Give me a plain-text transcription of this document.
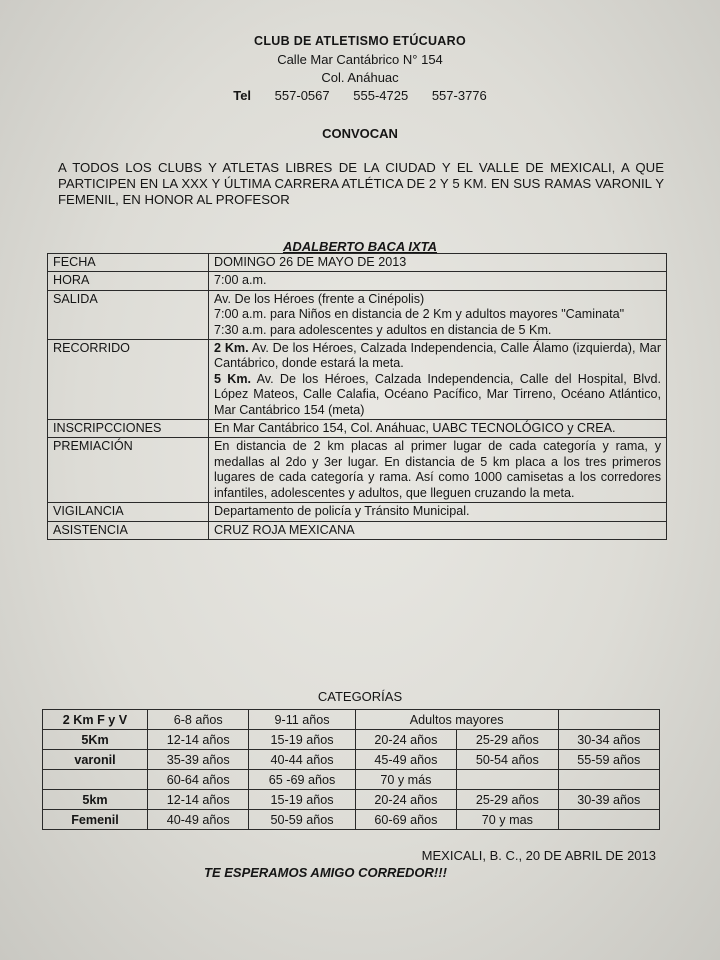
CLUB DE ATLETISMO ETÚCUARO
Calle Mar Cantábrico N° 154
Col. Anáhuac
Tel 557-0567 555-4725 557-3776
CONVOCAN
A TODOS LOS CLUBS Y ATLETAS LIBRES DE LA CIUDAD Y EL VALLE DE MEXICALI, A QUE PARTICIPEN EN LA XXX Y ÚLTIMA CARRERA ATLÉTICA DE 2 Y 5 KM. EN SUS RAMAS VARONIL Y FEMENIL, EN HONOR AL PROFESOR
ADALBERTO BACA IXTA
FECHA	DOMINGO 26 DE MAYO DE 2013
HORA	7:00 a.m.
SALIDA	Av. De los Héroes (frente a Cinépolis)
7:00 a.m. para Niños en distancia de 2 Km y adultos mayores "Caminata"
7:30 a.m. para adolescentes y adultos en distancia de 5 Km.

RECORRIDO	2 Km. Av. De los Héroes, Calzada Independencia, Calle Álamo (izquierda), Mar Cantábrico, donde estará la meta.
5 Km. Av. De los Héroes, Calzada Independencia, Calle del Hospital, Blvd. López Mateos, Calle Calafia, Océano Pacífico, Mar Tirreno, Océano Atlántico, Mar Cantábrico 154 (meta)

INSCRIPCCIONES	En Mar Cantábrico 154, Col. Anáhuac, UABC TECNOLÓGICO y CREA.
PREMIACIÓN	En distancia de 2 km placas al primer lugar de cada categoría y rama, y medallas al 2do y 3er lugar. En distancia de 5 km placa a los tres primeros lugares de cada categoría y rama. Así como 1000 camisetas a los corredores infantiles, adolescentes y adultos, que lleguen cruzando la meta.
VIGILANCIA	Departamento de policía y Tránsito Municipal.
ASISTENCIA	CRUZ ROJA MEXICANA
CATEGORÍAS
2 Km F y V	6-8 años	9-11 años	Adultos mayores		
5Km	12-14 años	15-19 años	20-24 años	25-29 años	30-34 años
varonil	35-39 años	40-44 años	45-49 años	50-54 años	55-59 años
	60-64 años	65 -69 años	70 y más		
5km	12-14 años	15-19 años	20-24 años	25-29 años	30-39 años
Femenil	40-49 años	50-59 años	60-69 años	70 y mas	
MEXICALI, B. C., 20 DE ABRIL DE 2013
TE ESPERAMOS AMIGO CORREDOR!!!
